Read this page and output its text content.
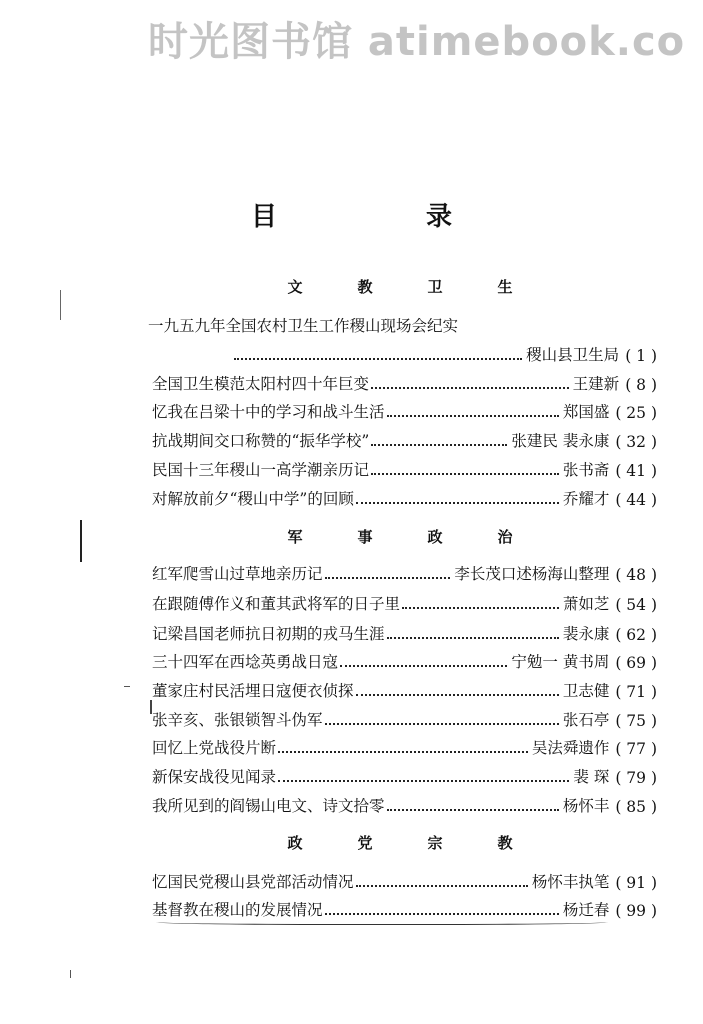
时光图书馆 atimebook.co
目 录
文	教	卫	生
一九五九年全国农村卫生工作稷山现场会纪实
稷山县卫生局 ( 1 )
全国卫生模范太阳村四十年巨变	王建新 ( 8 )
忆我在吕梁十中的学习和战斗生活	郑国盛 ( 25 )
抗战期间交口称赞的“振华学校”	张建民 裴永康 ( 32 )
民国十三年稷山一高学潮亲历记	张书斋 ( 41 )
对解放前夕“稷山中学”的回顾	乔耀才 ( 44 )
军	事	政	治
红军爬雪山过草地亲历记	李长茂口述杨海山整理 ( 48 )
在跟随傅作义和董其武将军的日子里	萧如芝 ( 54 )
记梁昌国老师抗日初期的戎马生涯	裴永康 ( 62 )
三十四军在西埝英勇战日寇	宁勉一 黄书周 ( 69 )
董家庄村民活埋日寇便衣侦探	卫志健 ( 71 )
张辛亥、张银锁智斗伪军	张石亭 ( 75 )
回忆上党战役片断	吴法舜遗作 ( 77 )
新保安战役见闻录	裴 琛 ( 79 )
我所见到的阎锡山电文、诗文拾零	杨怀丰 ( 85 )
政	党	宗	教
忆国民党稷山县党部活动情况	杨怀丰执笔 ( 91 )
基督教在稷山的发展情况	杨迁春 ( 99 )
